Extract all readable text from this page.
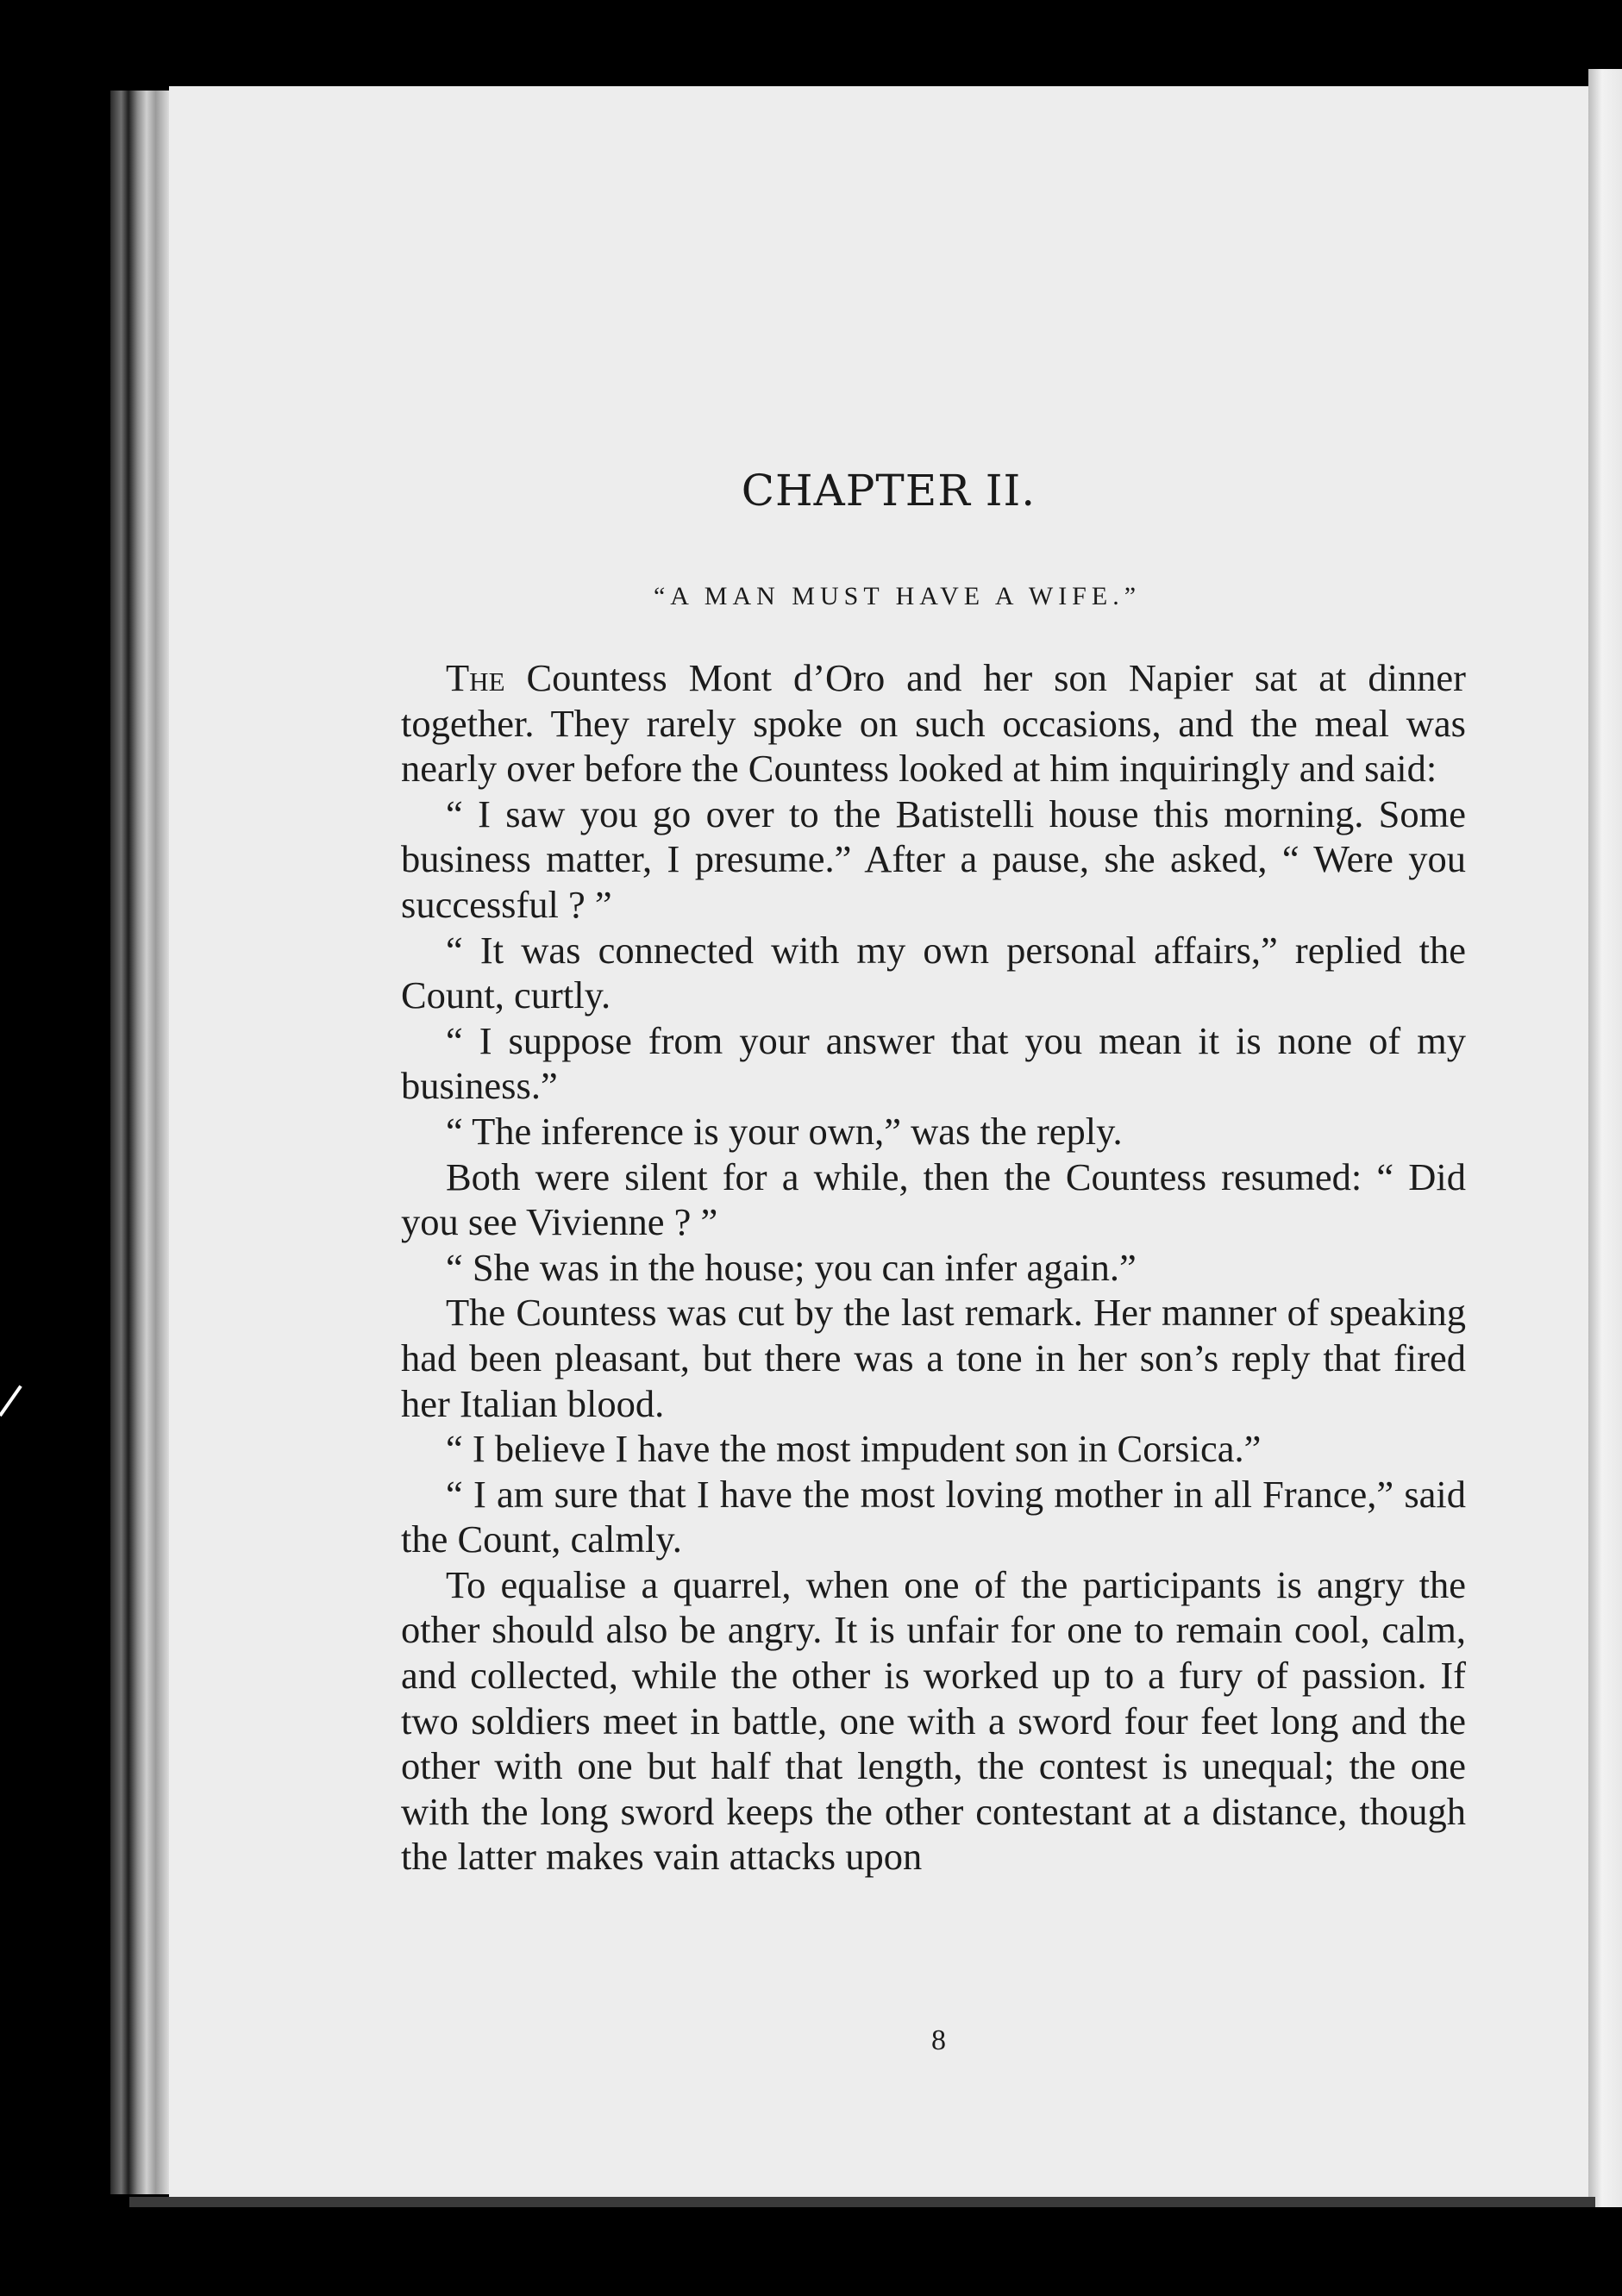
CHAPTER II.
“A MAN MUST HAVE A WIFE.”

The Countess Mont d’Oro and her son Napier sat at dinner together. They rarely spoke on such occasions, and the meal was nearly over before the Countess looked at him inquiringly and said:

“ I saw you go over to the Batistelli house this morning. Some business matter, I presume.” After a pause, she asked, “ Were you successful ? ”

“ It was connected with my own personal affairs,” replied the Count, curtly.

“ I suppose from your answer that you mean it is none of my business.”

“ The inference is your own,” was the reply.

Both were silent for a while, then the Countess resumed: “ Did you see Vivienne ? ”

“ She was in the house; you can infer again.”

The Countess was cut by the last remark. Her manner of speaking had been pleasant, but there was a tone in her son’s reply that fired her Italian blood.

“ I believe I have the most impudent son in Corsica.”

“ I am sure that I have the most loving mother in all France,” said the Count, calmly.

To equalise a quarrel, when one of the participants is angry the other should also be angry. It is unfair for one to remain cool, calm, and collected, while the other is worked up to a fury of passion. If two soldiers meet in battle, one with a sword four feet long and the other with one but half that length, the contest is unequal; the one with the long sword keeps the other contestant at a distance, though the latter makes vain attacks upon

8
